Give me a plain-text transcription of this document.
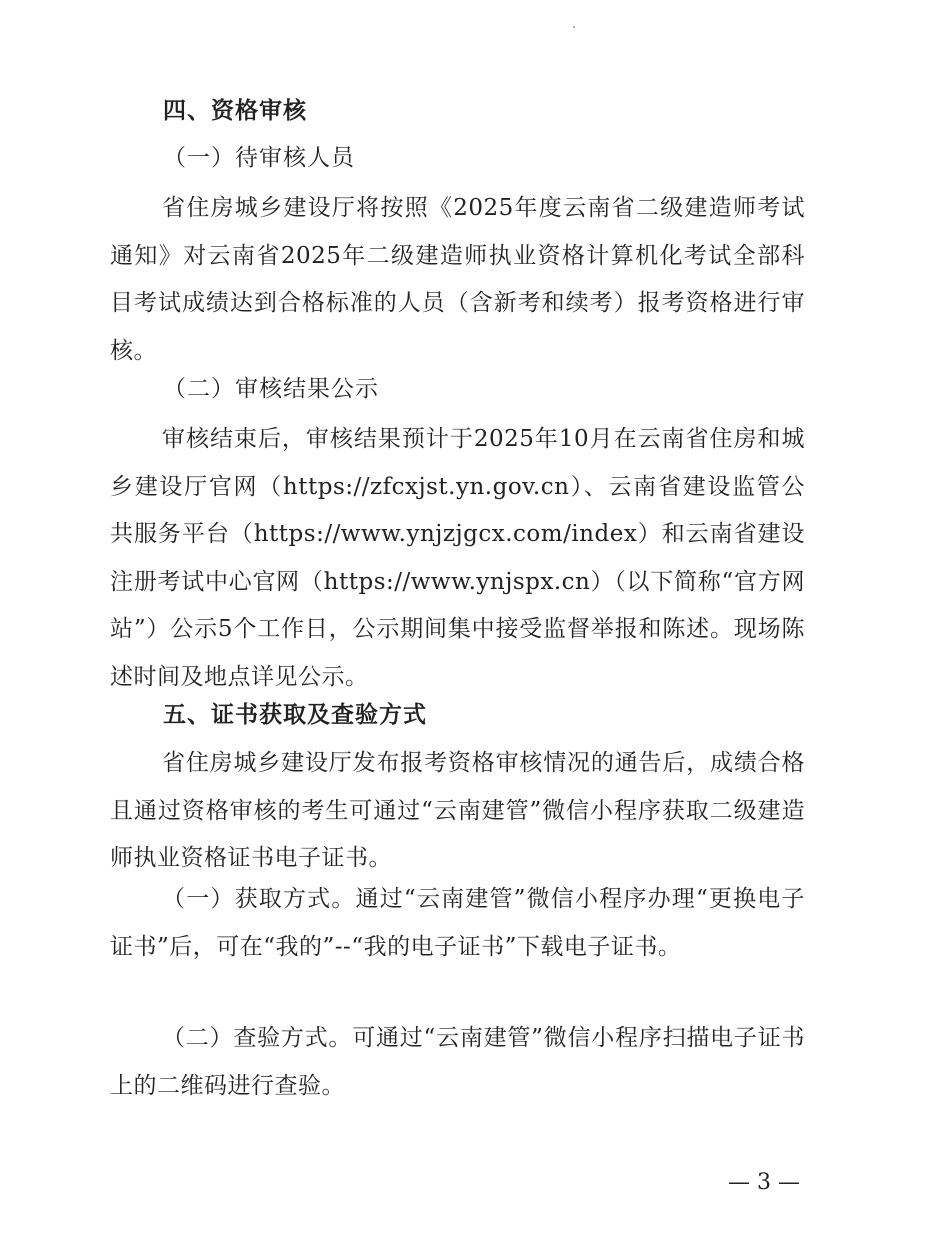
四、资格审核
（一）待审核人员
省住房城乡建设厅将按照《2025年度云南省二级建造师考试通知》对云南省2025年二级建造师执业资格计算机化考试全部科目考试成绩达到合格标准的人员（含新考和续考）报考资格进行审核。
（二）审核结果公示
审核结束后，审核结果预计于2025年10月在云南省住房和城乡建设厅官网（https://zfcxjst.yn.gov.cn）、云南省建设监管公共服务平台（https://www.ynjzjgcx.com/index）和云南省建设注册考试中心官网（https://www.ynjspx.cn）（以下简称“官方网站”）公示5个工作日，公示期间集中接受监督举报和陈述。现场陈述时间及地点详见公示。
五、证书获取及查验方式
省住房城乡建设厅发布报考资格审核情况的通告后，成绩合格且通过资格审核的考生可通过“云南建管”微信小程序获取二级建造师执业资格证书电子证书。
（一）获取方式。通过“云南建管”微信小程序办理“更换电子证书”后，可在“我的”--“我的电子证书”下载电子证书。
（二）查验方式。可通过“云南建管”微信小程序扫描电子证书上的二维码进行查验。
— 3 —
